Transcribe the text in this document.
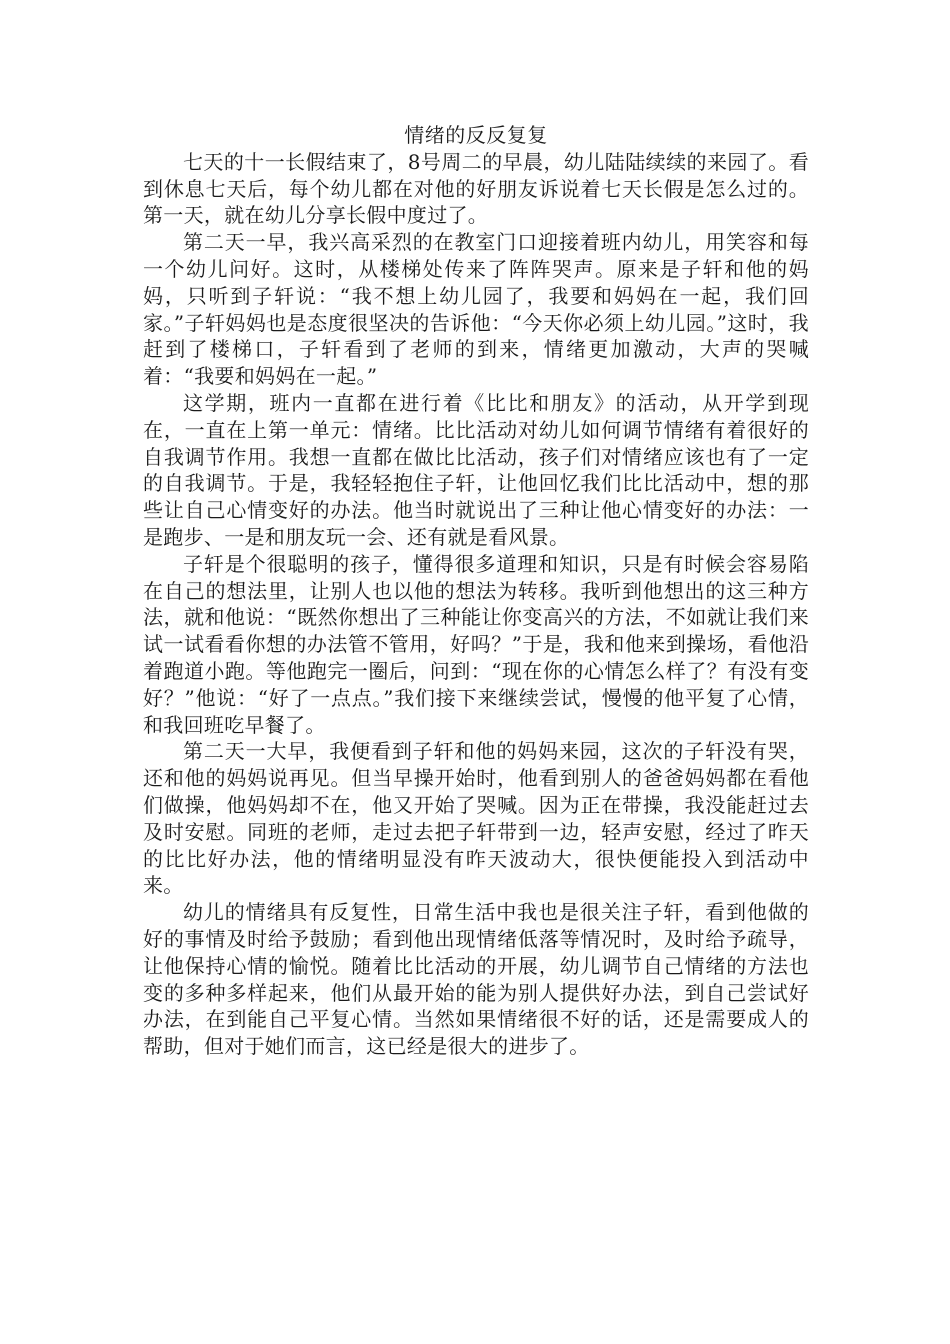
情绪的反反复复

七天的十一长假结束了，8号周二的早晨，幼儿陆陆续续的来园了。看到休息七天后，每个幼儿都在对他的好朋友诉说着七天长假是怎么过的。第一天，就在幼儿分享长假中度过了。

第二天一早，我兴高采烈的在教室门口迎接着班内幼儿，用笑容和每一个幼儿问好。这时，从楼梯处传来了阵阵哭声。原来是子轩和他的妈妈，只听到子轩说：“我不想上幼儿园了，我要和妈妈在一起，我们回家。”子轩妈妈也是态度很坚决的告诉他：“今天你必须上幼儿园。”这时，我赶到了楼梯口，子轩看到了老师的到来，情绪更加激动，大声的哭喊着：“我要和妈妈在一起。”

这学期，班内一直都在进行着《比比和朋友》的活动，从开学到现在，一直在上第一单元：情绪。比比活动对幼儿如何调节情绪有着很好的自我调节作用。我想一直都在做比比活动，孩子们对情绪应该也有了一定的自我调节。于是，我轻轻抱住子轩，让他回忆我们比比活动中，想的那些让自己心情变好的办法。他当时就说出了三种让他心情变好的办法：一是跑步、一是和朋友玩一会、还有就是看风景。

子轩是个很聪明的孩子，懂得很多道理和知识，只是有时候会容易陷在自己的想法里，让别人也以他的想法为转移。我听到他想出的这三种方法，就和他说：“既然你想出了三种能让你变高兴的方法，不如就让我们来试一试看看你想的办法管不管用，好吗？”于是，我和他来到操场，看他沿着跑道小跑。等他跑完一圈后，问到：“现在你的心情怎么样了？有没有变好？”他说：“好了一点点。”我们接下来继续尝试，慢慢的他平复了心情，和我回班吃早餐了。

第二天一大早，我便看到子轩和他的妈妈来园，这次的子轩没有哭，还和他的妈妈说再见。但当早操开始时，他看到别人的爸爸妈妈都在看他们做操，他妈妈却不在，他又开始了哭喊。因为正在带操，我没能赶过去及时安慰。同班的老师，走过去把子轩带到一边，轻声安慰，经过了昨天的比比好办法，他的情绪明显没有昨天波动大，很快便能投入到活动中来。

幼儿的情绪具有反复性，日常生活中我也是很关注子轩，看到他做的好的事情及时给予鼓励；看到他出现情绪低落等情况时，及时给予疏导，让他保持心情的愉悦。随着比比活动的开展，幼儿调节自己情绪的方法也变的多种多样起来，他们从最开始的能为别人提供好办法，到自己尝试好办法，在到能自己平复心情。当然如果情绪很不好的话，还是需要成人的帮助，但对于她们而言，这已经是很大的进步了。
